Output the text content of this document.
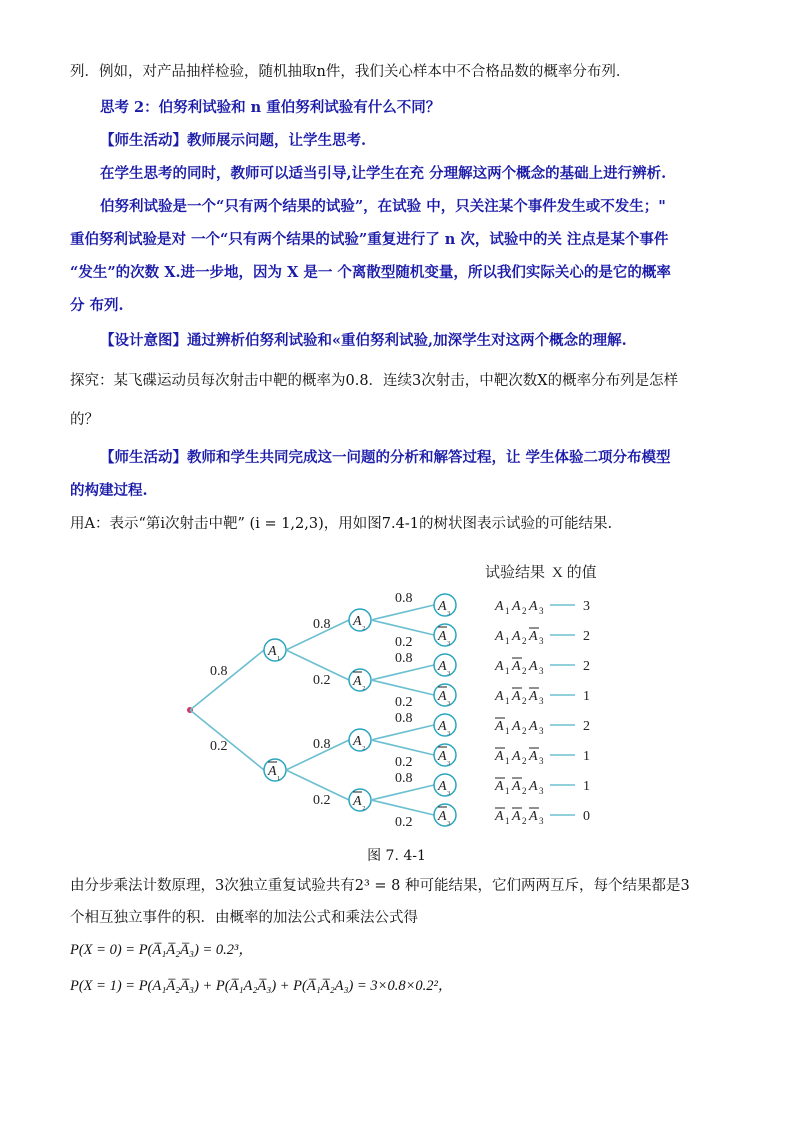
列．例如，对产品抽样检验，随机抽取n件，我们关心样本中不合格品数的概率分布列．
思考 2：伯努利试验和 n 重伯努利试验有什么不同？
【师生活动】教师展示问题，让学生思考.
在学生思考的同时，教师可以适当引导,让学生在充 分理解这两个概念的基础上进行辨析.
伯努利试验是一个“只有两个结果的试验”，在试验 中，只关注某个事件发生或不发生；"
重伯努利试验是对 一个“只有两个结果的试验”重复进行了 n 次，试验中的关 注点是某个事件
“发生”的次数 X.进一步地，因为 X 是一 个离散型随机变量，所以我们实际关心的是它的概率
分 布列.
【设计意图】通过辨析伯努利试验和«重伯努利试验,加深学生对这两个概念的理解.
探究：某飞碟运动员每次射击中靶的概率为0.8．连续3次射击，中靶次数X的概率分布列是怎样
的？
【师生活动】教师和学生共同完成这一问题的分析和解答过程，让 学生体验二项分布模型
的构建过程.
用A：表示“第i次射击中靶” (i = 1,2,3)，用如图7.4-1的树状图表示试验的可能结果.
试验结果 X 的值
0.8
A ₁
0.2
A ₁
0.8 A ₂
0.2 A ₂
0.8 A ₂
0.2 A ₂
0.8
A ₃
0.2 A ₃
0.8
A ₃
0.2 A ₃
0.8
A ₃
0.2 A ₃
0.8
A ₃
0.2 A ₃
A 1 A 2 A 3	3
A 1 A 2 A 3	2
A 1 A 2 A 3	2
A 1 A 2 A 3	1
A 1 A 2 A 3	2
A 1 A 2 A 3	1
A 1 A 2 A 3	1
A 1 A 2 A 3	0
图 7. 4-1
由分步乘法计数原理，3次独立重复试验共有2³ = 8 种可能结果，它们两两互斥，每个结果都是3
个相互独立事件的积．由概率的加法公式和乘法公式得
P(X = 0) = P(A̅₁A̅₂A̅₃) = 0.2³，
P(X = 1) = P(A₁A̅₂A̅₃) + P(A̅₁A₂A̅₃) + P(A̅₁A̅₂A₃) = 3×0.8×0.2²，
